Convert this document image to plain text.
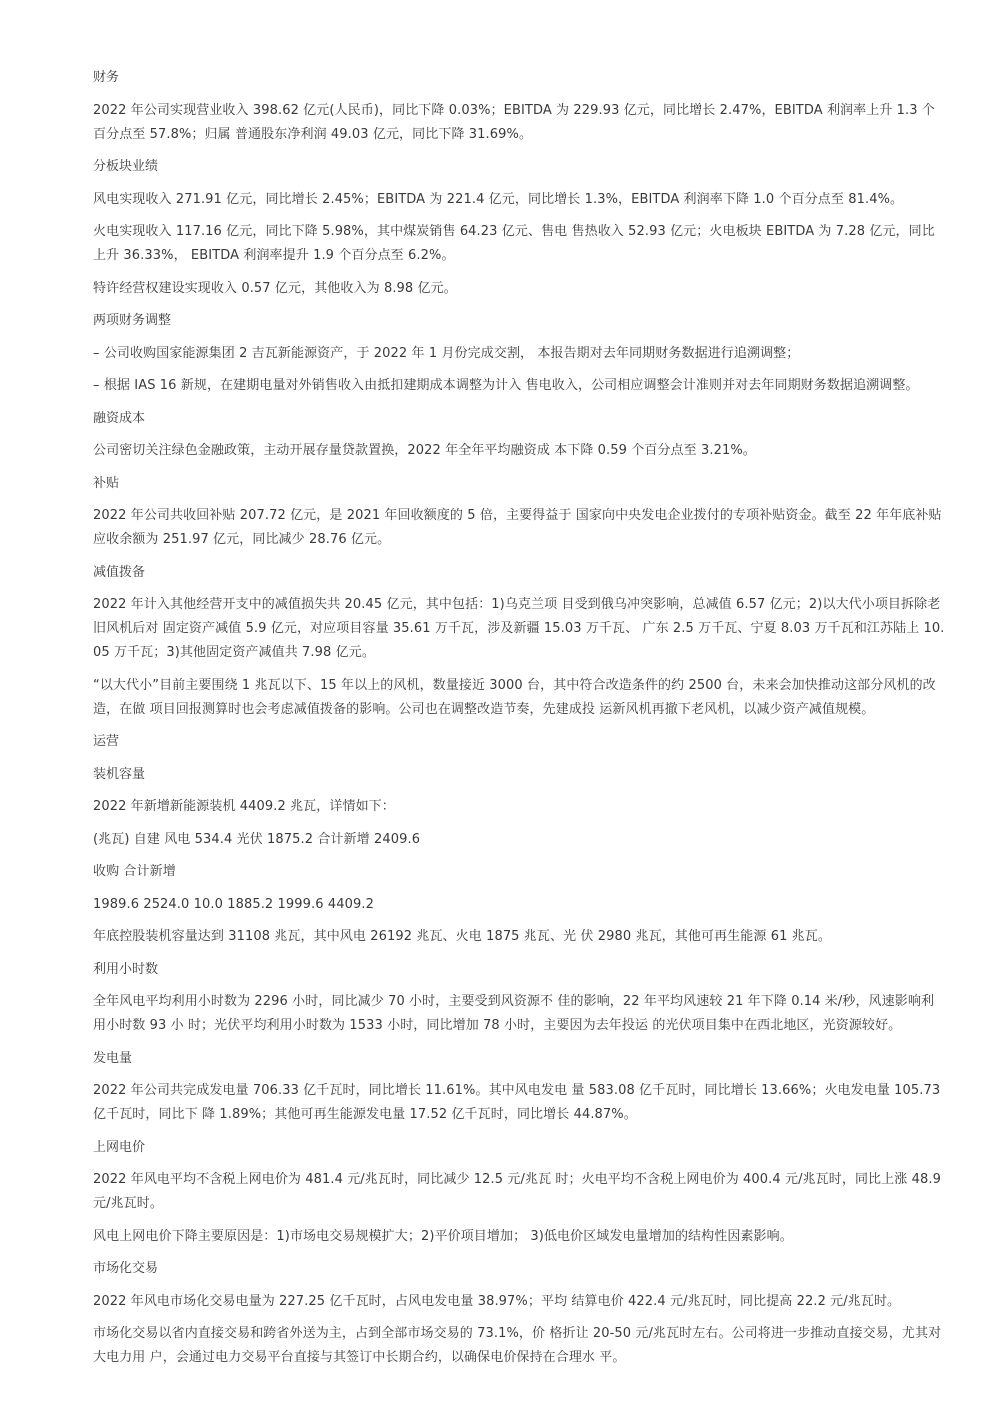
财务
2022 年公司实现营业收入 398.62 亿元(人民币)，同比下降 0.03%；EBITDA 为 229.93 亿元，同比增长 2.47%，EBITDA 利润率上升 1.3 个百分点至 57.8%；归属 普通股东净利润 49.03 亿元，同比下降 31.69%。
分板块业绩
风电实现收入 271.91 亿元，同比增长 2.45%；EBITDA 为 221.4 亿元，同比增长 1.3%，EBITDA 利润率下降 1.0 个百分点至 81.4%。
火电实现收入 117.16 亿元，同比下降 5.98%，其中煤炭销售 64.23 亿元、售电 售热收入 52.93 亿元；火电板块 EBITDA 为 7.28 亿元，同比上升 36.33%， EBITDA 利润率提升 1.9 个百分点至 6.2%。
特许经营权建设实现收入 0.57 亿元，其他收入为 8.98 亿元。
两项财务调整
– 公司收购国家能源集团 2 吉瓦新能源资产，于 2022 年 1 月份完成交割， 本报告期对去年同期财务数据进行追溯调整；
– 根据 IAS 16 新规，在建期电量对外销售收入由抵扣建期成本调整为计入 售电收入，公司相应调整会计准则并对去年同期财务数据追溯调整。
融资成本
公司密切关注绿色金融政策，主动开展存量贷款置换，2022 年全年平均融资成 本下降 0.59 个百分点至 3.21%。
补贴
2022 年公司共收回补贴 207.72 亿元，是 2021 年回收额度的 5 倍，主要得益于 国家向中央发电企业拨付的专项补贴资金。截至 22 年年底补贴应收余额为 251.97 亿元，同比减少 28.76 亿元。
减值拨备
2022 年计入其他经营开支中的减值损失共 20.45 亿元，其中包括：1)乌克兰项 目受到俄乌冲突影响，总减值 6.57 亿元；2)以大代小项目拆除老旧风机后对 固定资产减值 5.9 亿元，对应项目容量 35.61 万千瓦，涉及新疆 15.03 万千瓦、 广东 2.5 万千瓦、宁夏 8.03 万千瓦和江苏陆上 10.05 万千瓦；3)其他固定资产减值共 7.98 亿元。
“以大代小”目前主要围绕 1 兆瓦以下、15 年以上的风机，数量接近 3000 台，其中符合改造条件的约 2500 台，未来会加快推动这部分风机的改造，在做 项目回报测算时也会考虑减值拨备的影响。公司也在调整改造节奏，先建成投 运新风机再撤下老风机，以减少资产减值规模。
运营
装机容量
2022 年新增新能源装机 4409.2 兆瓦，详情如下：
(兆瓦) 自建 风电 534.4 光伏 1875.2 合计新增 2409.6
收购 合计新增
1989.6 2524.0 10.0 1885.2 1999.6 4409.2
年底控股装机容量达到 31108 兆瓦，其中风电 26192 兆瓦、火电 1875 兆瓦、光 伏 2980 兆瓦，其他可再生能源 61 兆瓦。
利用小时数
全年风电平均利用小时数为 2296 小时，同比减少 70 小时，主要受到风资源不 佳的影响，22 年平均风速较 21 年下降 0.14 米/秒，风速影响利用小时数 93 小 时；光伏平均利用小时数为 1533 小时，同比增加 78 小时，主要因为去年投运 的光伏项目集中在西北地区，光资源较好。
发电量
2022 年公司共完成发电量 706.33 亿千瓦时，同比增长 11.61%。其中风电发电 量 583.08 亿千瓦时，同比增长 13.66%；火电发电量 105.73 亿千瓦时，同比下 降 1.89%；其他可再生能源发电量 17.52 亿千瓦时，同比增长 44.87%。
上网电价
2022 年风电平均不含税上网电价为 481.4 元/兆瓦时，同比减少 12.5 元/兆瓦 时；火电平均不含税上网电价为 400.4 元/兆瓦时，同比上涨 48.9 元/兆瓦时。
风电上网电价下降主要原因是：1)市场电交易规模扩大；2)平价项目增加； 3)低电价区域发电量增加的结构性因素影响。
市场化交易
2022 年风电市场化交易电量为 227.25 亿千瓦时，占风电发电量 38.97%；平均 结算电价 422.4 元/兆瓦时，同比提高 22.2 元/兆瓦时。
市场化交易以省内直接交易和跨省外送为主，占到全部市场交易的 73.1%，价 格折让 20-50 元/兆瓦时左右。公司将进一步推动直接交易，尤其对大电力用 户，会通过电力交易平台直接与其签订中长期合约，以确保电价保持在合理水 平。
